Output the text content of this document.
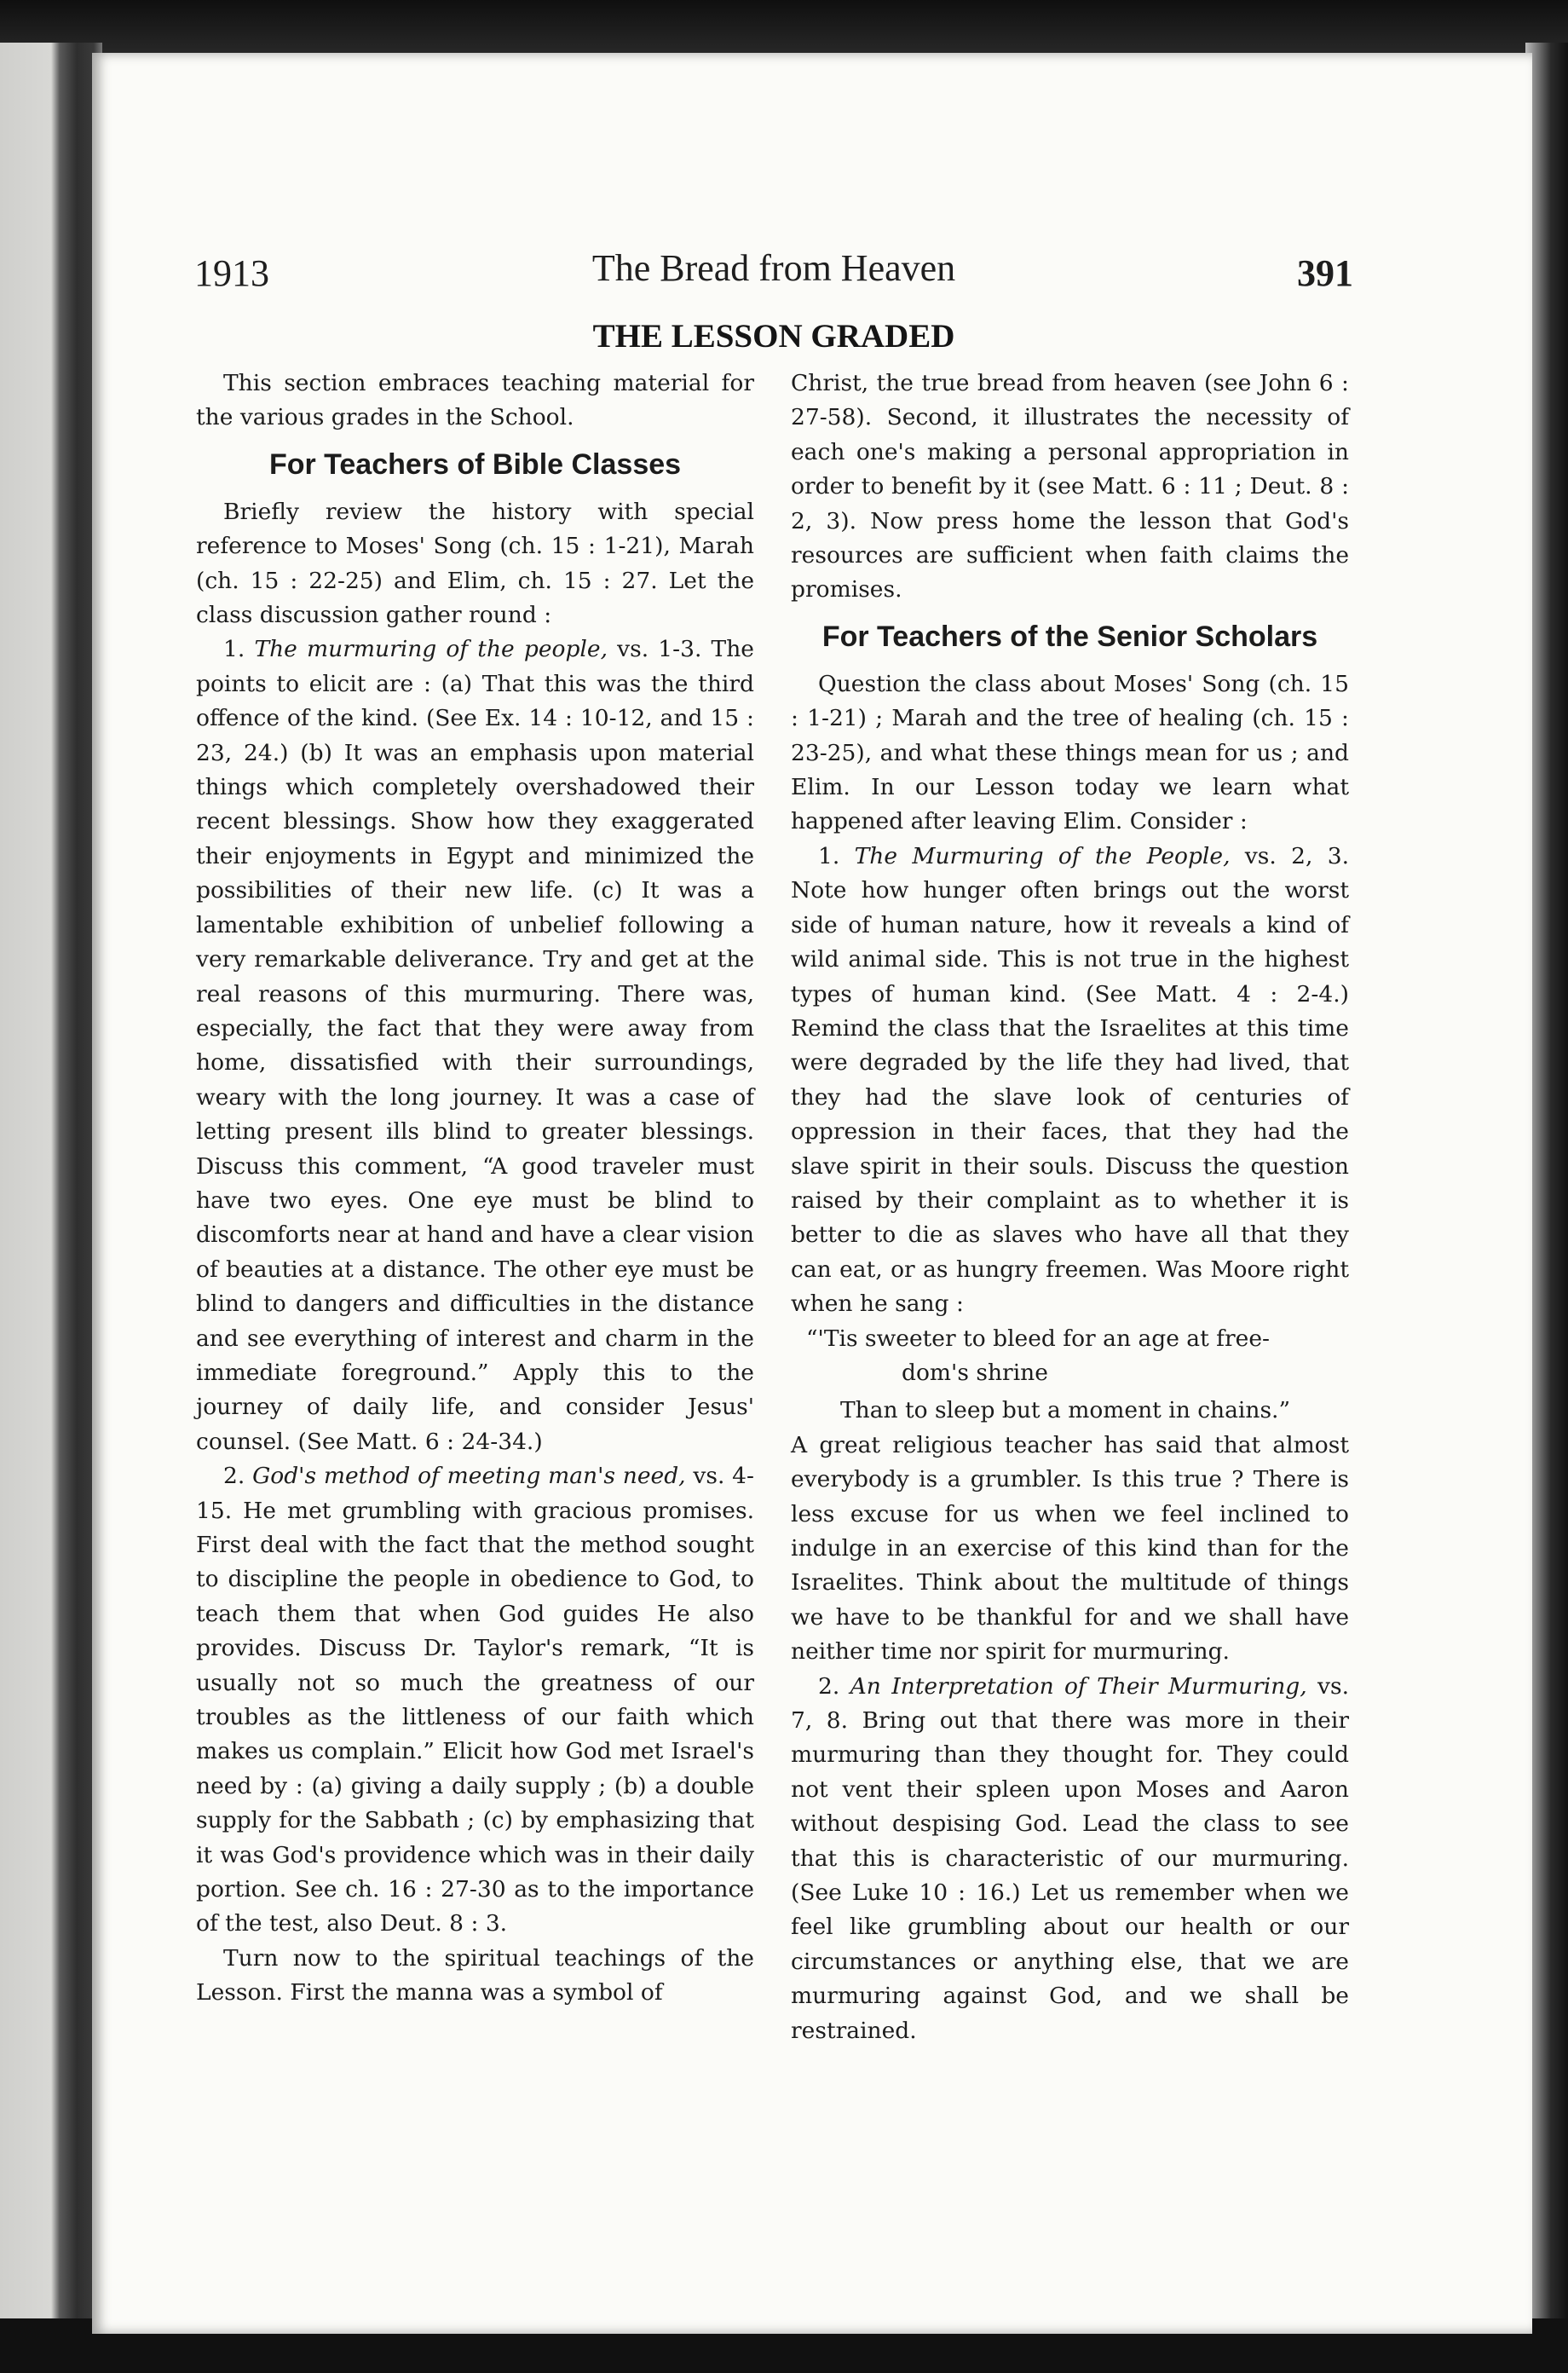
1913	The Bread from Heaven	391
THE LESSON GRADED

This section embraces teaching material for the various grades in the School.

For Teachers of Bible Classes

Briefly review the history with special reference to Moses' Song (ch. 15 : 1-21), Marah (ch. 15 : 22-25) and Elim, ch. 15 : 27. Let the class discussion gather round :

1. The murmuring of the people, vs. 1-3. The points to elicit are : (a) That this was the third offence of the kind. (See Ex. 14 : 10-12, and 15 : 23, 24.) (b) It was an emphasis upon material things which completely overshadowed their recent blessings. Show how they exaggerated their enjoyments in Egypt and minimized the possibilities of their new life. (c) It was a lamentable exhibition of unbelief following a very remarkable deliverance. Try and get at the real reasons of this murmuring. There was, especially, the fact that they were away from home, dissatisfied with their surroundings, weary with the long journey. It was a case of letting present ills blind to greater blessings. Discuss this comment, “A good traveler must have two eyes. One eye must be blind to discomforts near at hand and have a clear vision of beauties at a distance. The other eye must be blind to dangers and difficulties in the distance and see everything of interest and charm in the immediate foreground.” Apply this to the journey of daily life, and consider Jesus' counsel. (See Matt. 6 : 24-34.)

2. God's method of meeting man's need, vs. 4-15. He met grumbling with gracious promises. First deal with the fact that the method sought to discipline the people in obedience to God, to teach them that when God guides He also provides. Discuss Dr. Taylor's remark, “It is usually not so much the greatness of our troubles as the littleness of our faith which makes us complain.” Elicit how God met Israel's need by : (a) giving a daily supply ; (b) a double supply for the Sabbath ; (c) by emphasizing that it was God's providence which was in their daily portion. See ch. 16 : 27-30 as to the importance of the test, also Deut. 8 : 3.

Turn now to the spiritual teachings of the Lesson. First the manna was a symbol of

Christ, the true bread from heaven (see John 6 : 27-58). Second, it illustrates the necessity of each one's making a personal appropriation in order to benefit by it (see Matt. 6 : 11 ; Deut. 8 : 2, 3). Now press home the lesson that God's resources are sufficient when faith claims the promises.

For Teachers of the Senior Scholars

Question the class about Moses' Song (ch. 15 : 1-21) ; Marah and the tree of healing (ch. 15 : 23-25), and what these things mean for us ; and Elim. In our Lesson today we learn what happened after leaving Elim. Consider :

1. The Murmuring of the People, vs. 2, 3. Note how hunger often brings out the worst side of human nature, how it reveals a kind of wild animal side. This is not true in the highest types of human kind. (See Matt. 4 : 2-4.) Remind the class that the Israelites at this time were degraded by the life they had lived, that they had the slave look of centuries of oppression in their faces, that they had the slave spirit in their souls. Discuss the question raised by their complaint as to whether it is better to die as slaves who have all that they can eat, or as hungry freemen. Was Moore right when he sang :

“'Tis sweeter to bleed for an age at free-
dom's shrine
Than to sleep but a moment in chains.”

A great religious teacher has said that almost everybody is a grumbler. Is this true ? There is less excuse for us when we feel inclined to indulge in an exercise of this kind than for the Israelites. Think about the multitude of things we have to be thankful for and we shall have neither time nor spirit for murmuring.

2. An Interpretation of Their Murmuring, vs. 7, 8. Bring out that there was more in their murmuring than they thought for. They could not vent their spleen upon Moses and Aaron without despising God. Lead the class to see that this is characteristic of our murmuring. (See Luke 10 : 16.) Let us remember when we feel like grumbling about our health or our circumstances or anything else, that we are murmuring against God, and we shall be restrained.
